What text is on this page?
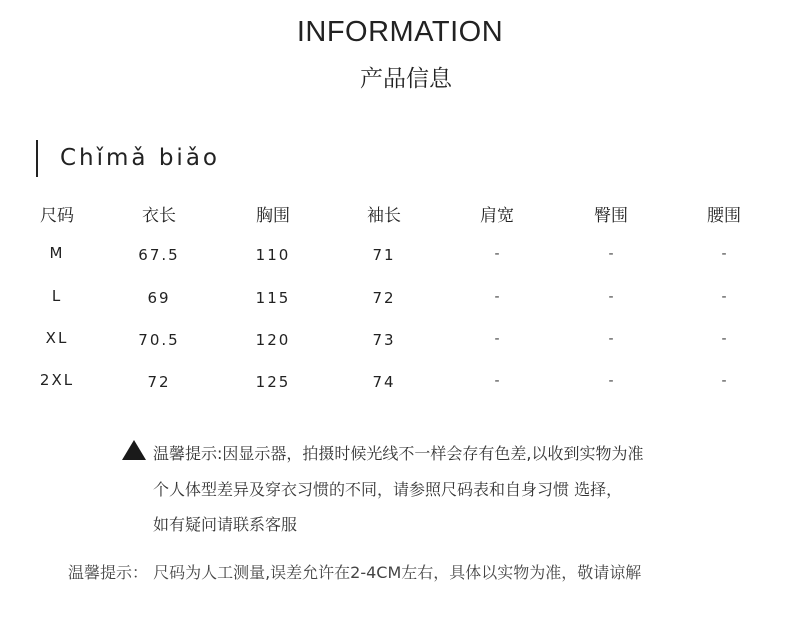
INFORMATION
产品信息
Chǐmǎ biǎo
尺码	衣长	胸围	袖长	肩宽	臀围	腰围
M	67.5	110	71	-	-	-
L	69	115	72	-	-	-
XL	70.5	120	73	-	-	-
2XL	72	125	74	-	-	-
温馨提示:因显示器，拍摄时候光线不一样会存有色差,以收到实物为准
个人体型差异及穿衣习惯的不同，请参照尺码表和自身习惯 选择，
如有疑问请联系客服
温馨提示： 尺码为人工测量,误差允许在2-4CM左右，具体以实物为准，敬请谅解
